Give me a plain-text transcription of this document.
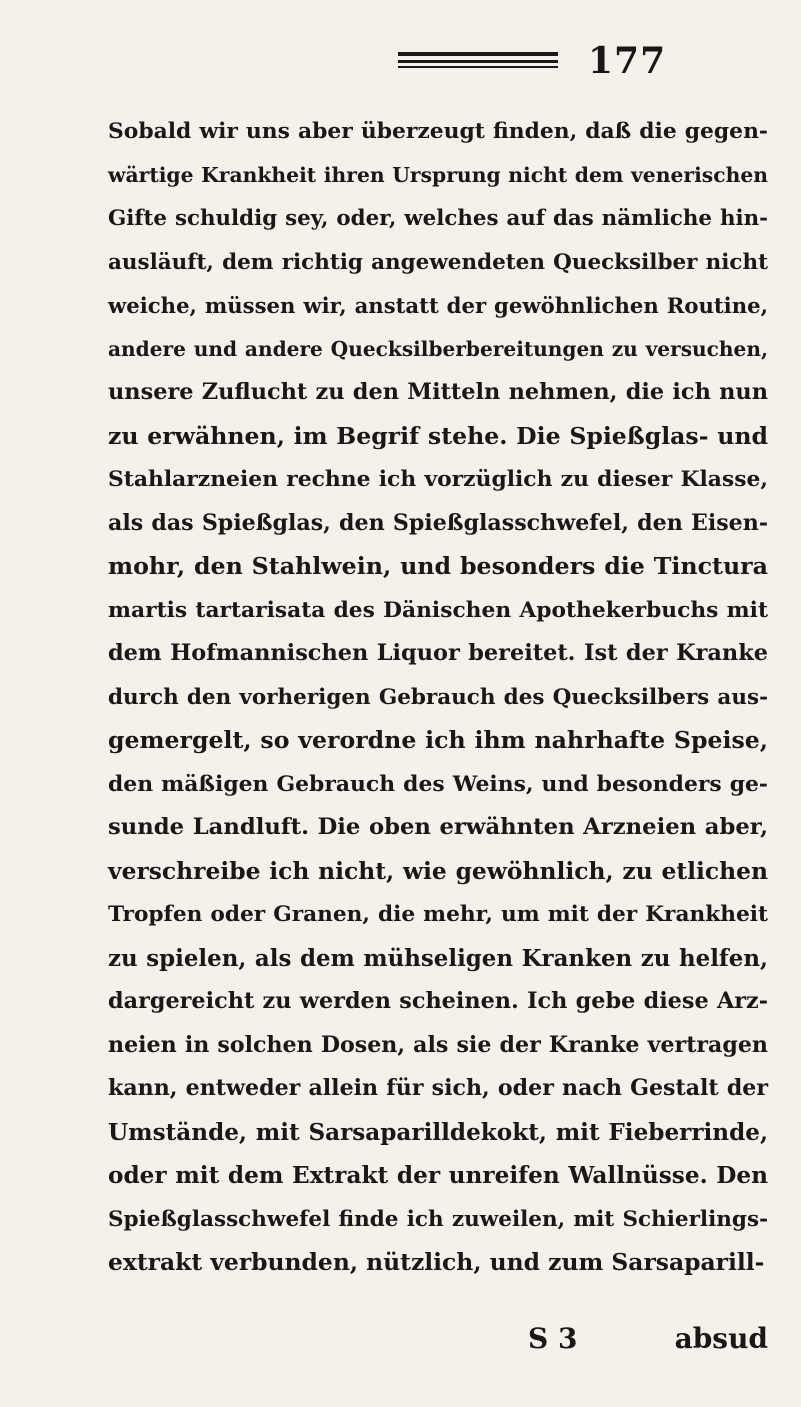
177
Sobald wir uns aber überzeugt finden, daß die gegen-
wärtige Krankheit ihren Ursprung nicht dem venerischen
Gifte schuldig sey, oder, welches auf das nämliche hin-
ausläuft, dem richtig angewendeten Quecksilber nicht
weiche, müssen wir, anstatt der gewöhnlichen Routine,
andere und andere Quecksilberbereitungen zu versuchen,
unsere Zuflucht zu den Mitteln nehmen, die ich nun
zu erwähnen, im Begrif stehe. Die Spießglas- und
Stahlarzneien rechne ich vorzüglich zu dieser Klasse,
als das Spießglas, den Spießglasschwefel, den Eisen-
mohr, den Stahlwein, und besonders die Tinctura
martis tartarisata des Dänischen Apothekerbuchs mit
dem Hofmannischen Liquor bereitet. Ist der Kranke
durch den vorherigen Gebrauch des Quecksilbers aus-
gemergelt, so verordne ich ihm nahrhafte Speise,
den mäßigen Gebrauch des Weins, und besonders ge-
sunde Landluft. Die oben erwähnten Arzneien aber,
verschreibe ich nicht, wie gewöhnlich, zu etlichen
Tropfen oder Granen, die mehr, um mit der Krankheit
zu spielen, als dem mühseligen Kranken zu helfen,
dargereicht zu werden scheinen. Ich gebe diese Arz-
neien in solchen Dosen, als sie der Kranke vertragen
kann, entweder allein für sich, oder nach Gestalt der
Umstände, mit Sarsaparilldekokt, mit Fieberrinde,
oder mit dem Extrakt der unreifen Wallnüsse. Den
Spießglasschwefel finde ich zuweilen, mit Schierlings-
extrakt verbunden, nützlich, und zum Sarsaparill-
S 3	absud
